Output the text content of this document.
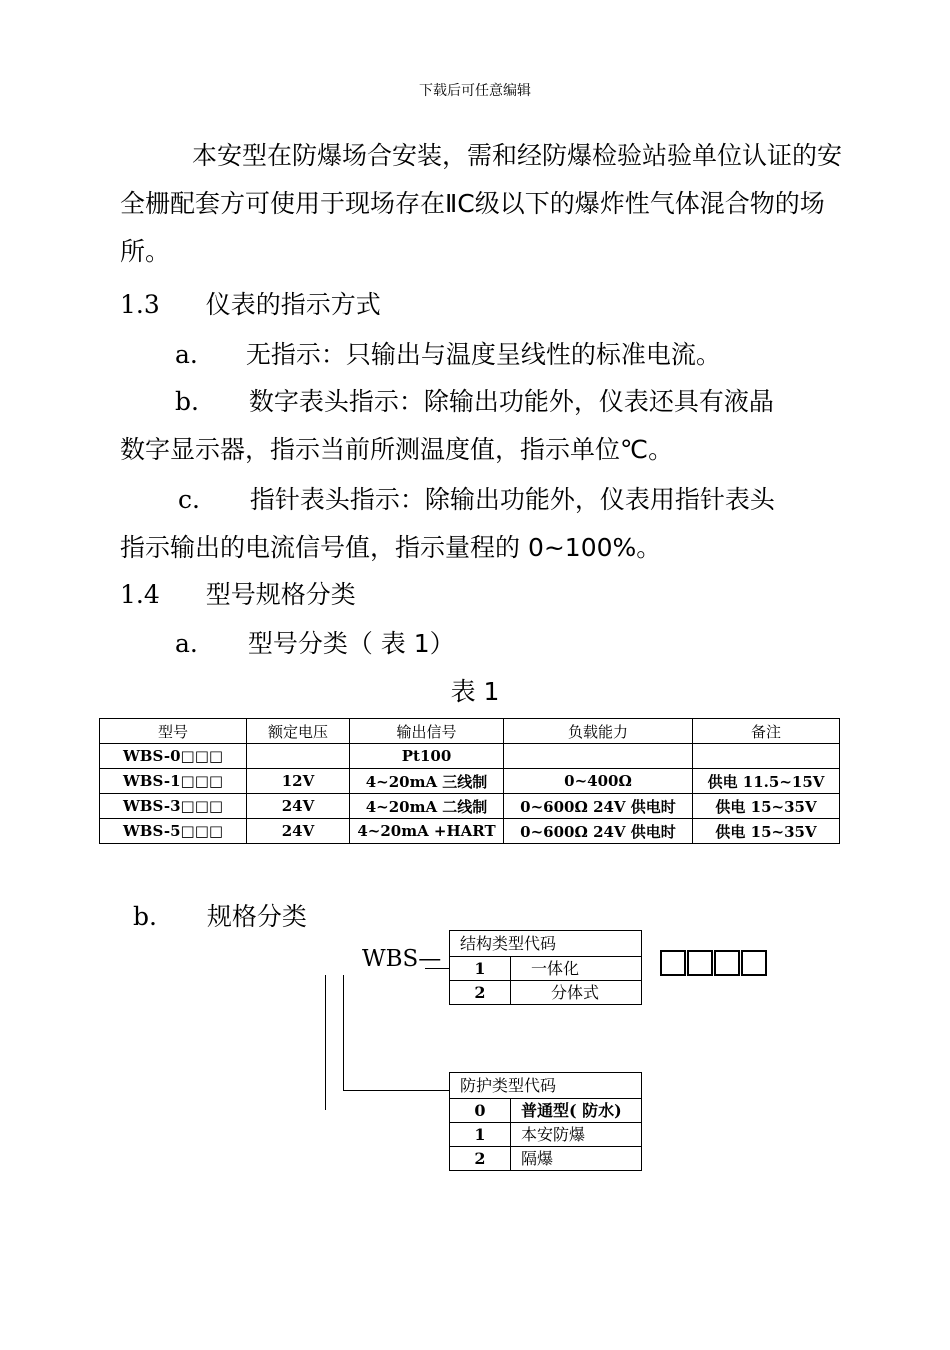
下载后可任意编辑
本安型在防爆场合安装，需和经防爆检验站验单位认证的安全栅配套方可使用于现场存在ⅡC级以下的爆炸性气体混合物的场所。
1.3 仪表的指示方式
a. 无指示：只输出与温度呈线性的标准电流。
b. 数字表头指示：除输出功能外，仪表还具有液晶
数字显示器，指示当前所测温度值，指示单位℃。
c. 指针表头指示：除输出功能外，仪表用指针表头
指示输出的电流信号值，指示量程的 0~100%。
1.4 型号规格分类
a. 型号分类（ 表 1）
表 1
型号	额定电压	输出信号	负载能力	备注
WBS-0□□□		Pt100		
WBS-1□□□	12V	4~20mA 三线制	0~400Ω	供电 11.5~15V
WBS-3□□□	24V	4~20mA 二线制	0~600Ω 24V 供电时	供电 15~35V
WBS-5□□□	24V	4~20mA +HART	0~600Ω 24V 供电时	供电 15~35V
b. 规格分类
WBS—
结构类型代码
1	一体化
2	分体式
防护类型代码
0	普通型( 防水)
1	本安防爆
2	隔爆
